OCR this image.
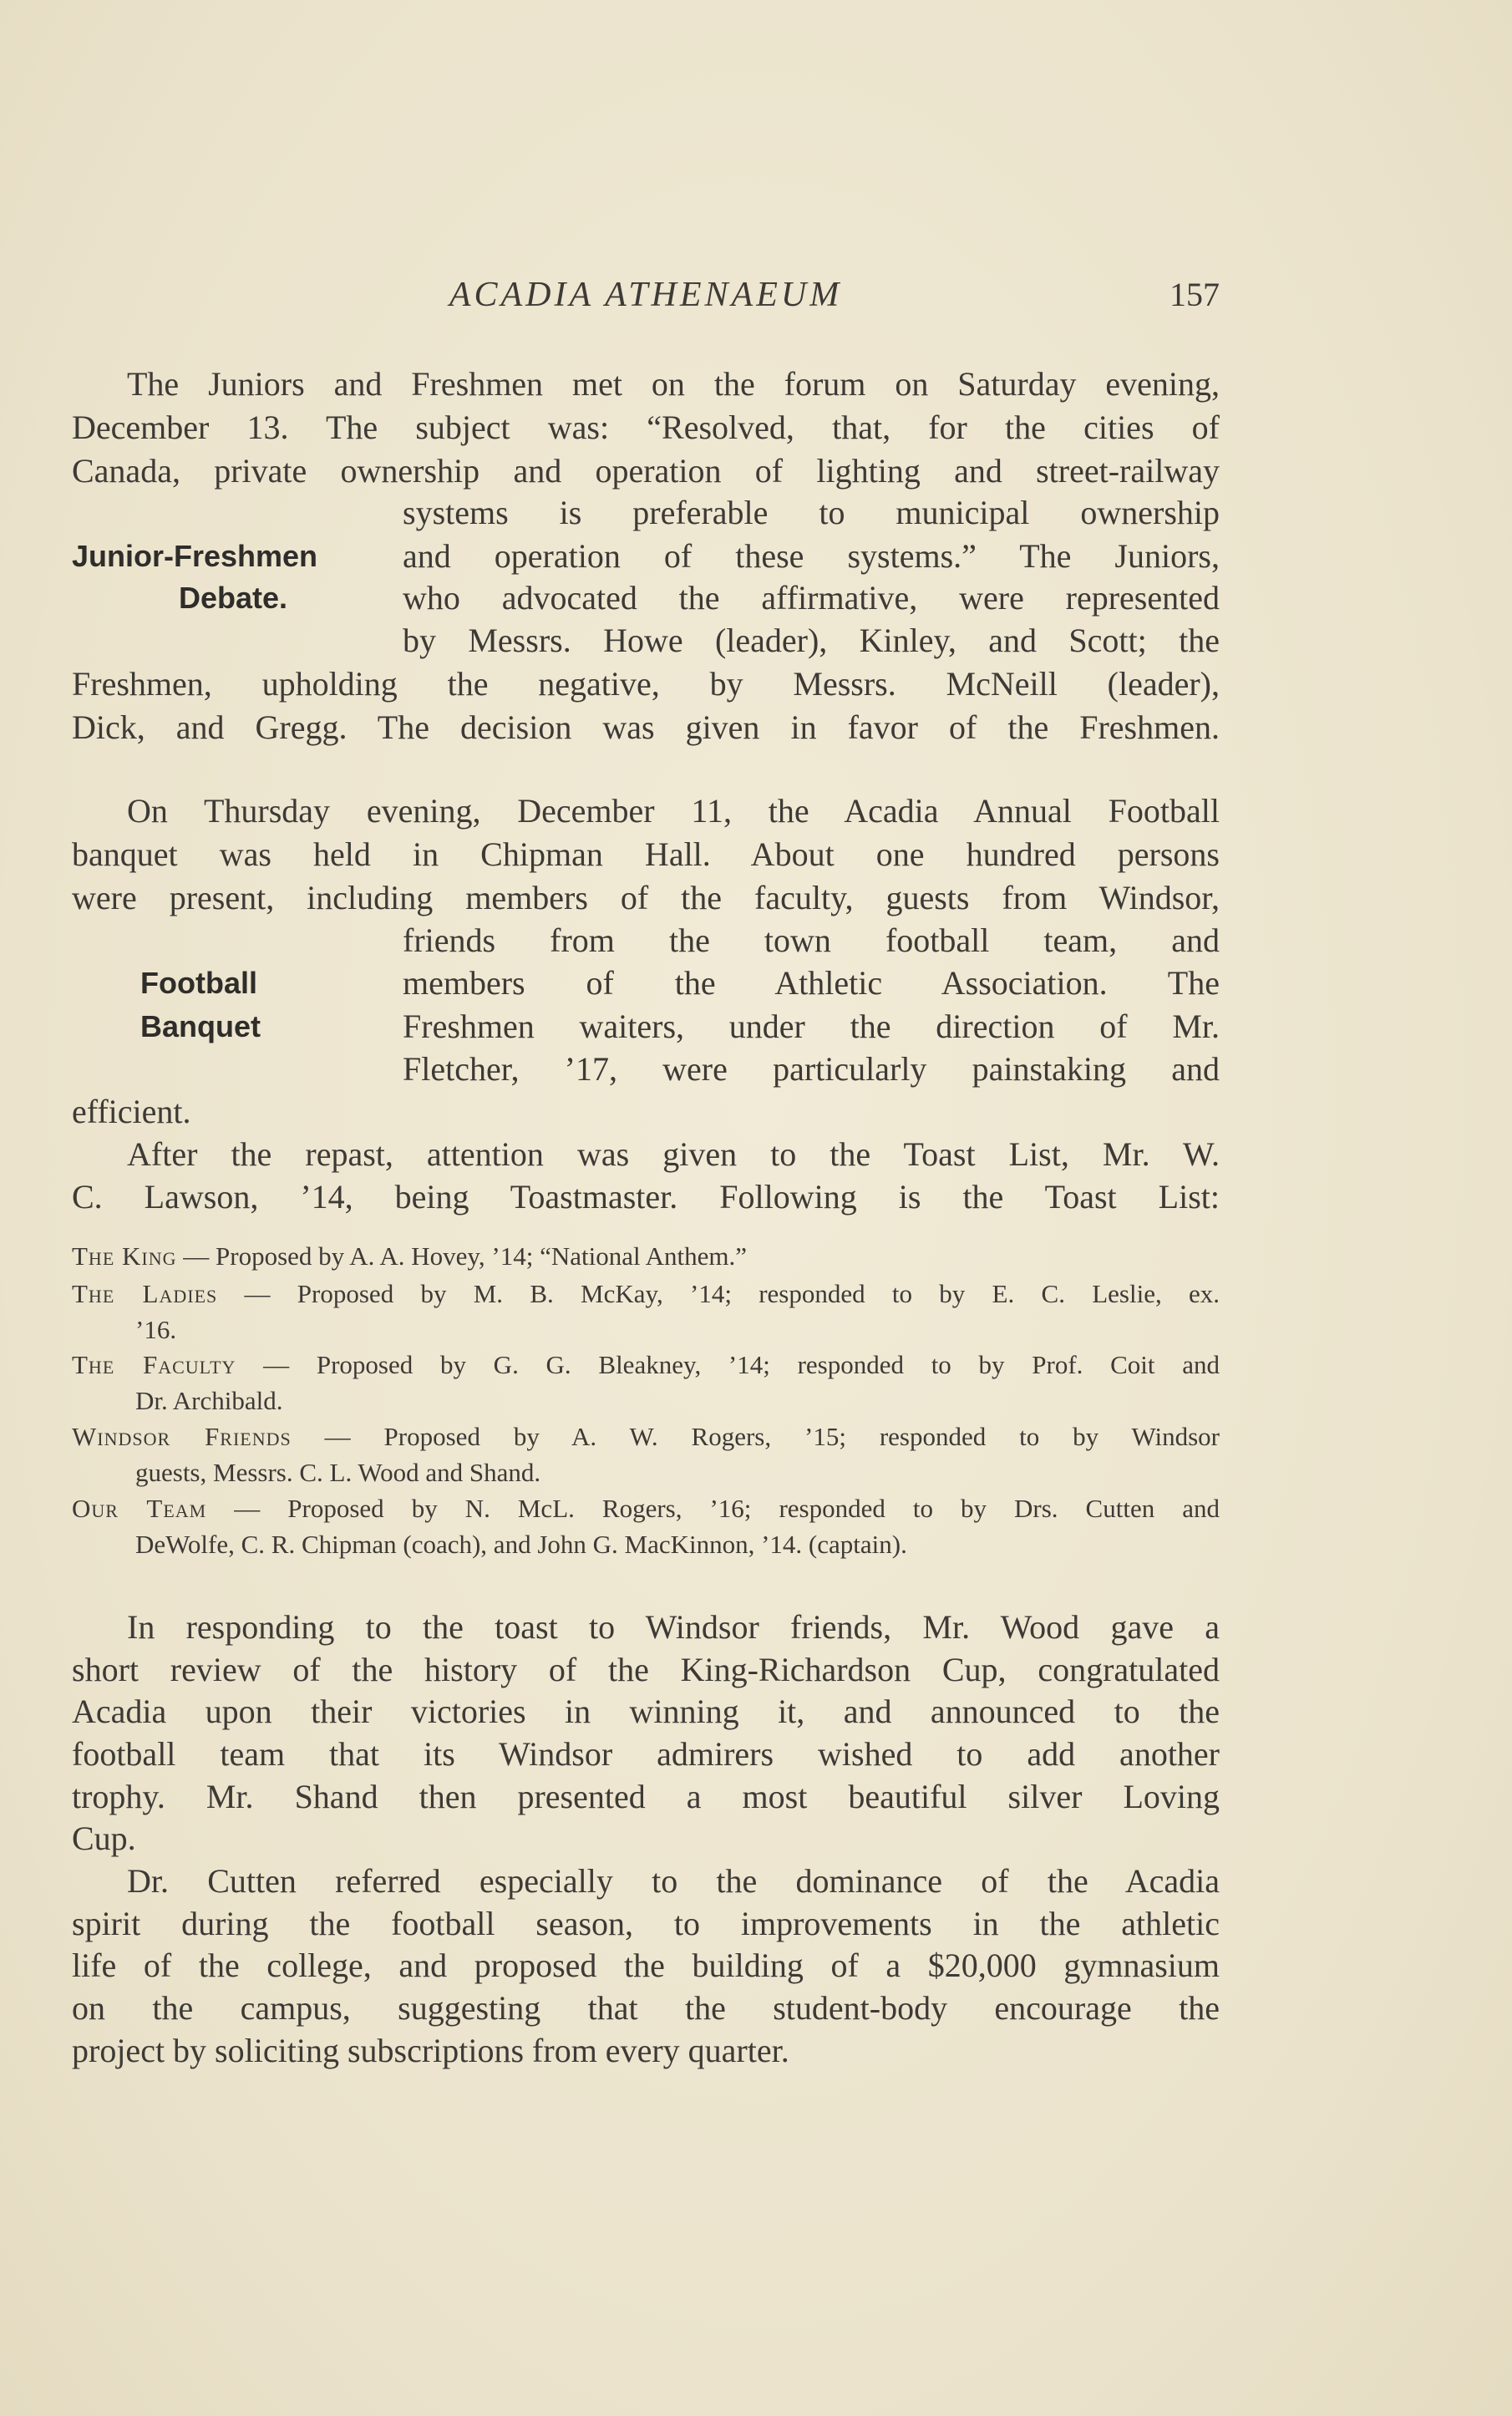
ACADIA ATHENAEUM	157
The Juniors and Freshmen met on the forum on Saturday evening,
December 13. The subject was: “Resolved, that, for the cities of
Canada, private ownership and operation of lighting and street-railway
systems is preferable to municipal ownership
and operation of these systems.” The Juniors,
who advocated the affirmative, were represented
by Messrs. Howe (leader), Kinley, and Scott; the
Freshmen, upholding the negative, by Messrs. McNeill (leader),
Dick, and Gregg. The decision was given in favor of the Freshmen.
Junior-Freshmen
Debate.
On Thursday evening, December 11, the Acadia Annual Football
banquet was held in Chipman Hall. About one hundred persons
were present, including members of the faculty, guests from Windsor,
friends from the town football team, and
members of the Athletic Association. The
Freshmen waiters, under the direction of Mr.
Fletcher, ’17, were particularly painstaking and
efficient.
After the repast, attention was given to the Toast List, Mr. W.
C. Lawson, ’14, being Toastmaster. Following is the Toast List:
Football
Banquet
The King — Proposed by A. A. Hovey, ’14; “National Anthem.”
The Ladies — Proposed by M. B. McKay, ’14; responded to by E. C. Leslie, ex.
’16.
The Faculty — Proposed by G. G. Bleakney, ’14; responded to by Prof. Coit and
Dr. Archibald.
Windsor Friends — Proposed by A. W. Rogers, ’15; responded to by Windsor
guests, Messrs. C. L. Wood and Shand.
Our Team — Proposed by N. McL. Rogers, ’16; responded to by Drs. Cutten and
DeWolfe, C. R. Chipman (coach), and John G. MacKinnon, ’14. (captain).
In responding to the toast to Windsor friends, Mr. Wood gave a
short review of the history of the King-Richardson Cup, congratulated
Acadia upon their victories in winning it, and announced to the
football team that its Windsor admirers wished to add another
trophy. Mr. Shand then presented a most beautiful silver Loving
Cup.
Dr. Cutten referred especially to the dominance of the Acadia
spirit during the football season, to improvements in the athletic
life of the college, and proposed the building of a $20,000 gymnasium
on the campus, suggesting that the student-body encourage the
project by soliciting subscriptions from every quarter.
